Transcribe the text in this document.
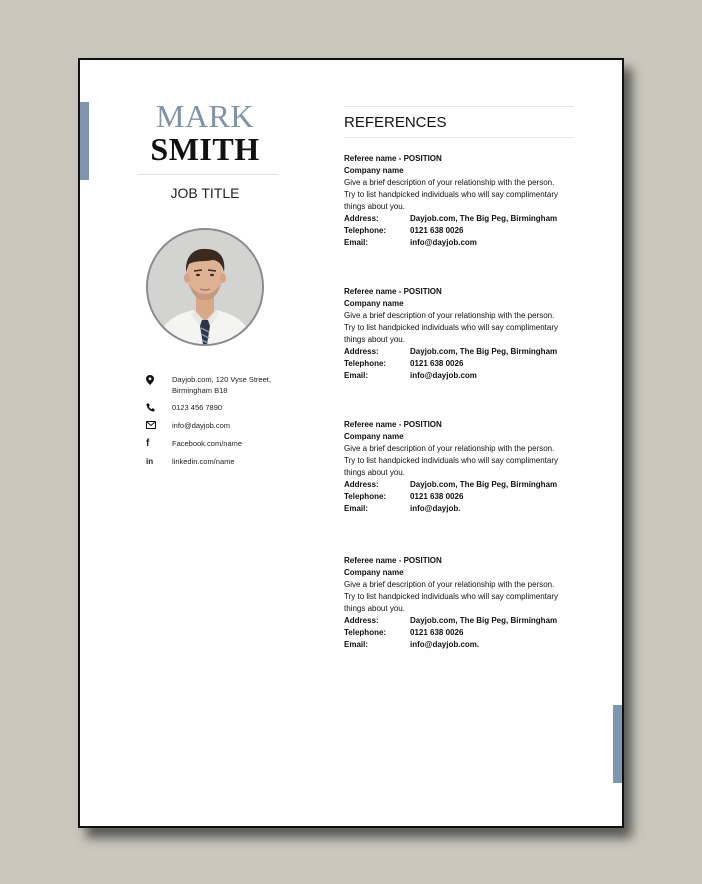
MARK
SMITH
JOB TITLE
Dayjob.com, 120 Vyse Street,
Birmingham B18
0123 456 7890
info@dayjob.com
f	Facebook.com/name
in	linkedin.com/name
REFERENCES
Referee name - POSITION
Company name
Give a brief description of your relationship with the person.
Try to list handpicked individuals who will say complimentary
things about you.
Address:	Dayjob.com, The Big Peg, Birmingham
Telephone:	0121 638 0026
Email:	info@dayjob.com
Referee name - POSITION
Company name
Give a brief description of your relationship with the person.
Try to list handpicked individuals who will say complimentary
things about you.
Address:	Dayjob.com, The Big Peg, Birmingham
Telephone:	0121 638 0026
Email:	info@dayjob.com
Referee name - POSITION
Company name
Give a brief description of your relationship with the person.
Try to list handpicked individuals who will say complimentary
things about you.
Address:	Dayjob.com, The Big Peg, Birmingham
Telephone:	0121 638 0026
Email:	info@dayjob.
Referee name - POSITION
Company name
Give a brief description of your relationship with the person.
Try to list handpicked individuals who will say complimentary
things about you.
Address:	Dayjob.com, The Big Peg, Birmingham
Telephone:	0121 638 0026
Email:	info@dayjob.com.
